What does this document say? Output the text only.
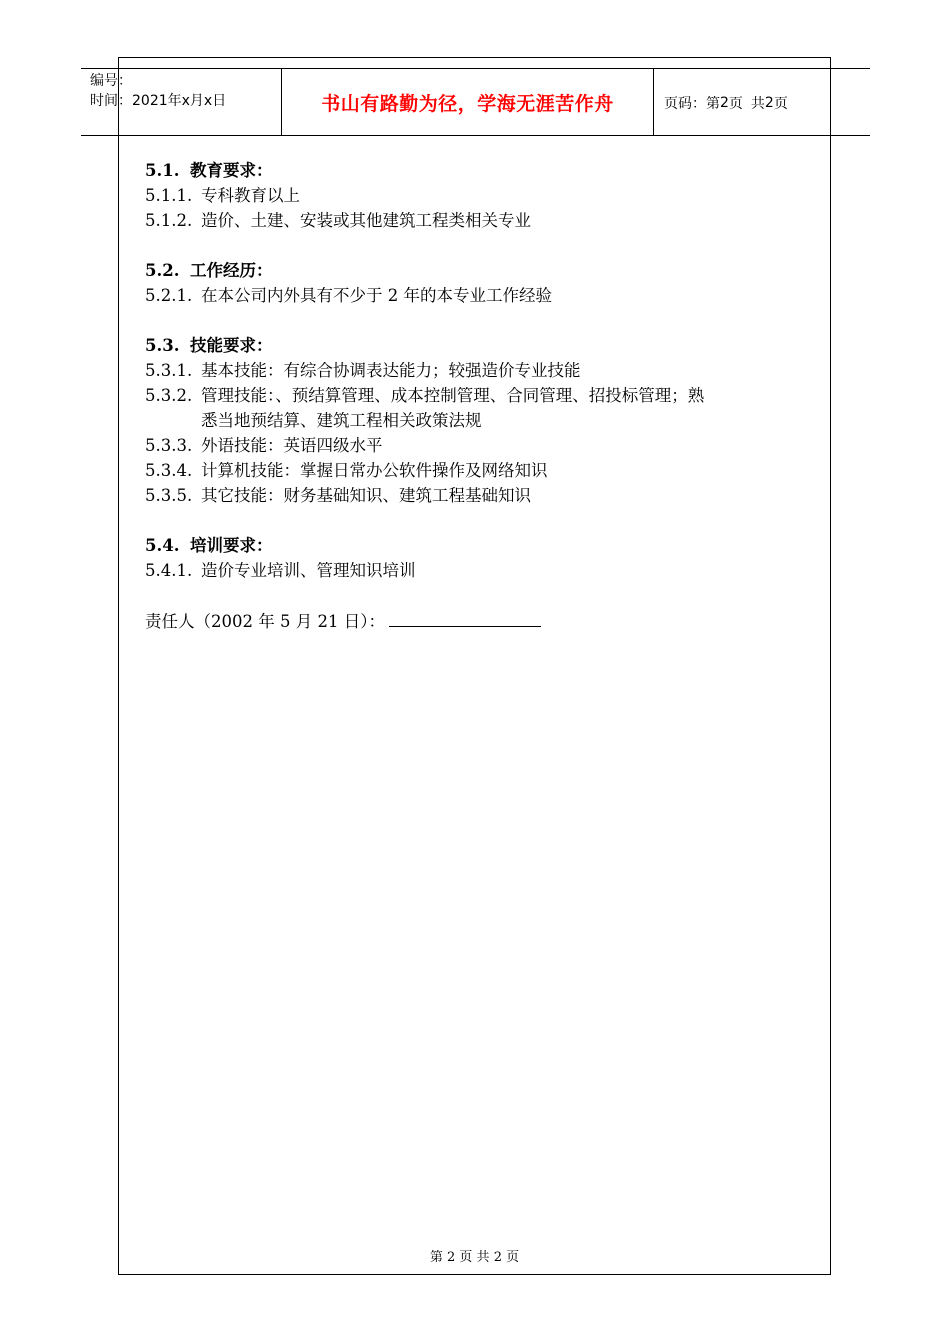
编号：
时间：2021年x月x日	书山有路勤为径，学海无涯苦作舟	页码：第 2 页 共 2 页
5.1. 教育要求：
5.1.1. 专科教育以上
5.1.2. 造价、土建、安装或其他建筑工程类相关专业
5.2. 工作经历：
5.2.1. 在本公司内外具有不少于 2 年的本专业工作经验
5.3. 技能要求：
5.3.1. 基本技能：有综合协调表达能力；较强造价专业技能
5.3.2. 管理技能：、预结算管理、成本控制管理、合同管理、招投标管理；熟
悉当地预结算、建筑工程相关政策法规
5.3.3. 外语技能：英语四级水平
5.3.4. 计算机技能：掌握日常办公软件操作及网络知识
5.3.5. 其它技能：财务基础知识、建筑工程基础知识
5.4. 培训要求：
5.4.1. 造价专业培训、管理知识培训
责任人（2002 年 5 月 21 日）：
第 2 页 共 2 页
